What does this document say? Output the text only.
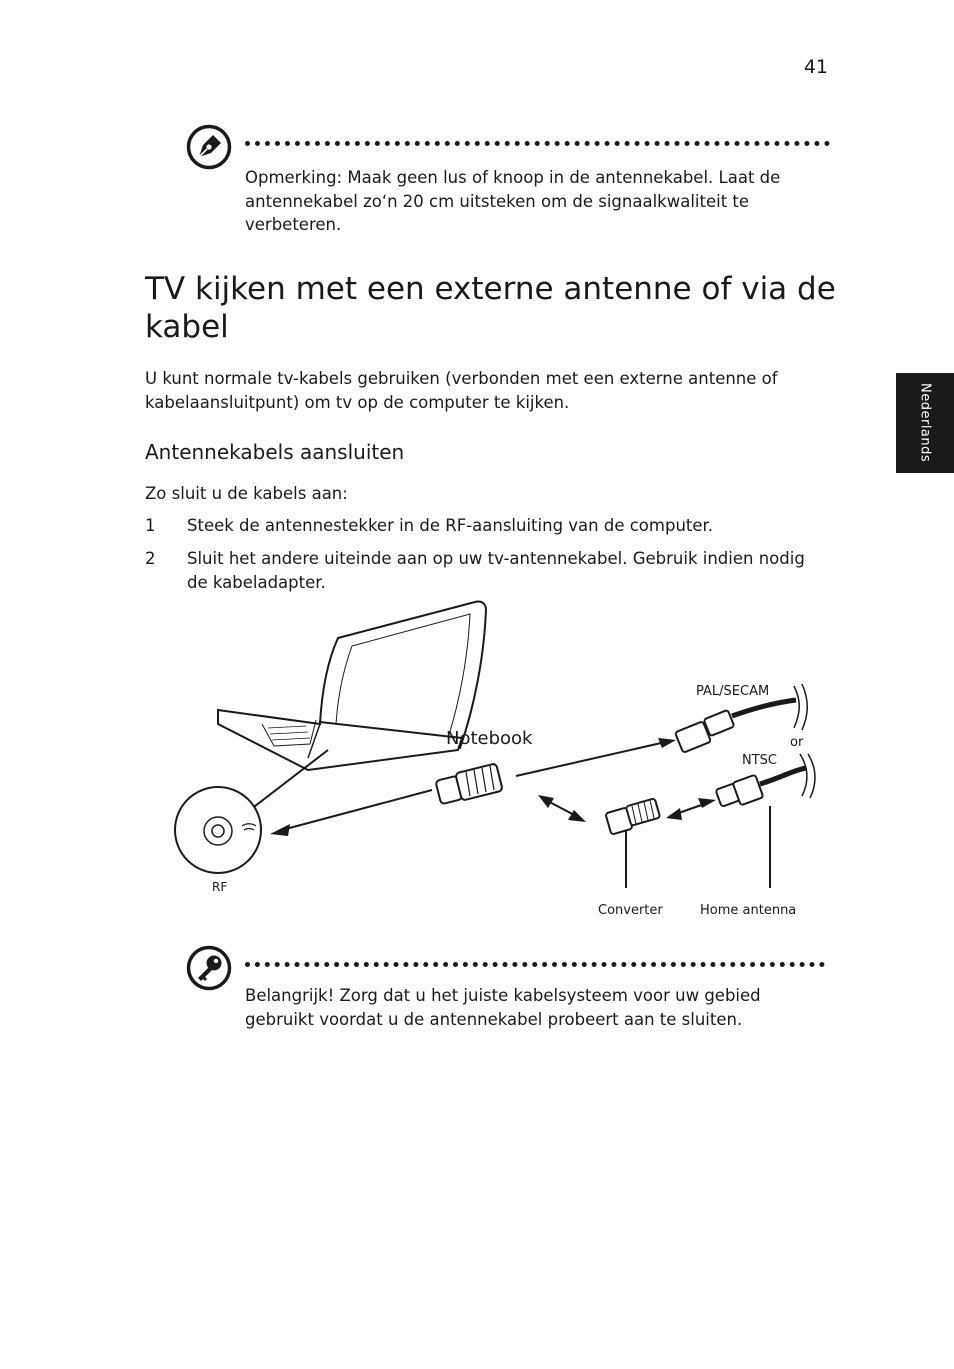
41
Nederlands
Opmerking: Maak geen lus of knoop in de antennekabel. Laat de antennekabel zo‘n 20 cm uitsteken om de signaalkwaliteit te verbeteren.
TV kijken met een externe antenne of via de kabel
U kunt normale tv-kabels gebruiken (verbonden met een externe antenne of kabelaansluitpunt) om tv op de computer te kijken.
Antennekabels aansluiten
Zo sluit u de kabels aan:
1 Steek de antennestekker in de RF-aansluiting van de computer.
2 Sluit het andere uiteinde aan op uw tv-antennekabel. Gebruik indien nodig de kabeladapter.
Notebook
PAL/SECAM
or
NTSC
RF
Converter	Home antenna
Belangrijk! Zorg dat u het juiste kabelsysteem voor uw gebied gebruikt voordat u de antennekabel probeert aan te sluiten.
